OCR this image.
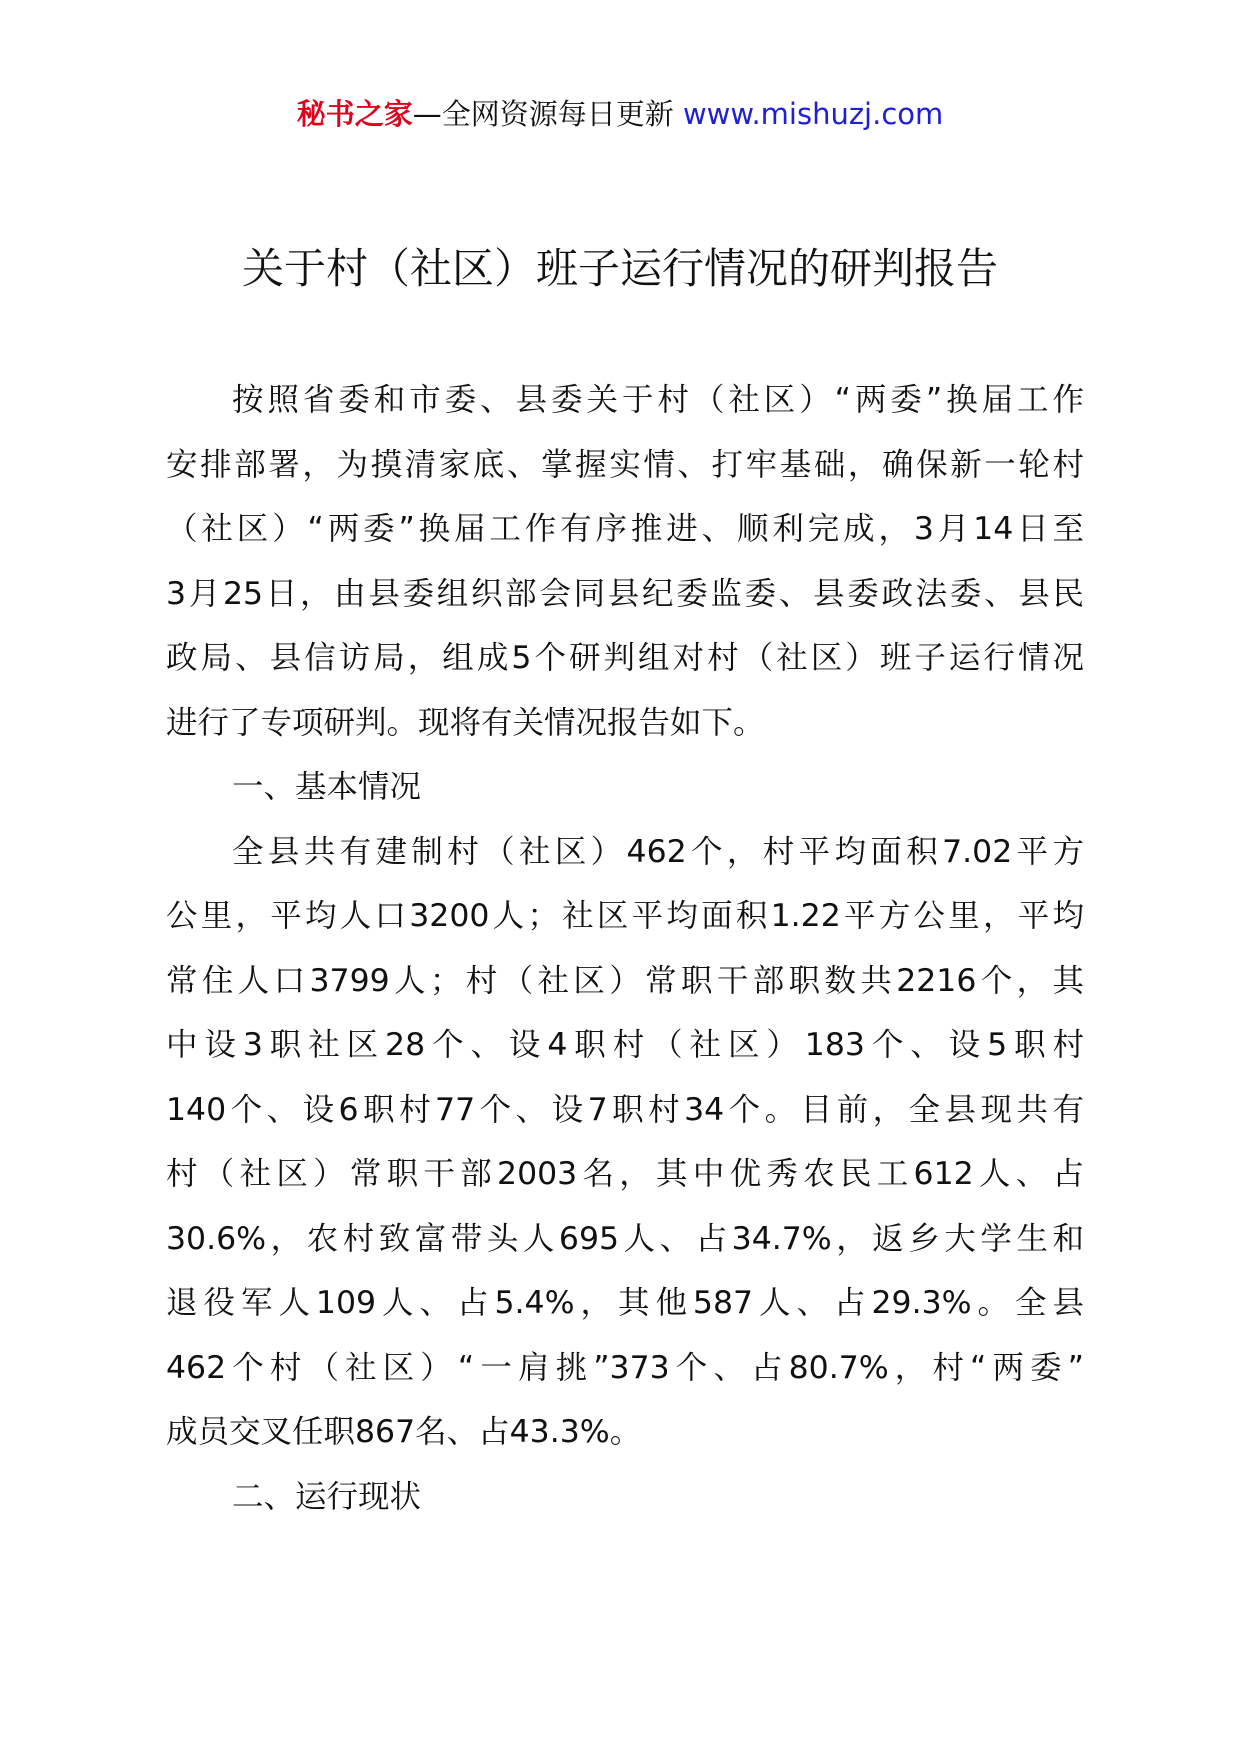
秘书之家—全网资源每日更新 www.mishuzj.com
关于村（社区）班子运行情况的研判报告
按照省委和市委、县委关于村（社区）“两委”换届工作
安排部署，为摸清家底、掌握实情、打牢基础，确保新一轮村
（社区）“两委”换届工作有序推进、顺利完成，3月14日至
3月25日，由县委组织部会同县纪委监委、县委政法委、县民
政局、县信访局，组成5个研判组对村（社区）班子运行情况
进行了专项研判。现将有关情况报告如下。
一、基本情况
全县共有建制村（社区）462个，村平均面积7.02平方
公里，平均人口3200人；社区平均面积1.22平方公里，平均
常住人口3799人；村（社区）常职干部职数共2216个，其
中设3职社区28个、设4职村（社区）183个、设5职村
140个、设6职村77个、设7职村34个。目前，全县现共有
村（社区）常职干部2003名，其中优秀农民工612人、占
30.6%，农村致富带头人695人、占34.7%，返乡大学生和
退役军人109人、占5.4%，其他587人、占29.3%。全县
462个村（社区）“一肩挑”373个、占80.7%，村“两委”
成员交叉任职867名、占43.3%。
二、运行现状
